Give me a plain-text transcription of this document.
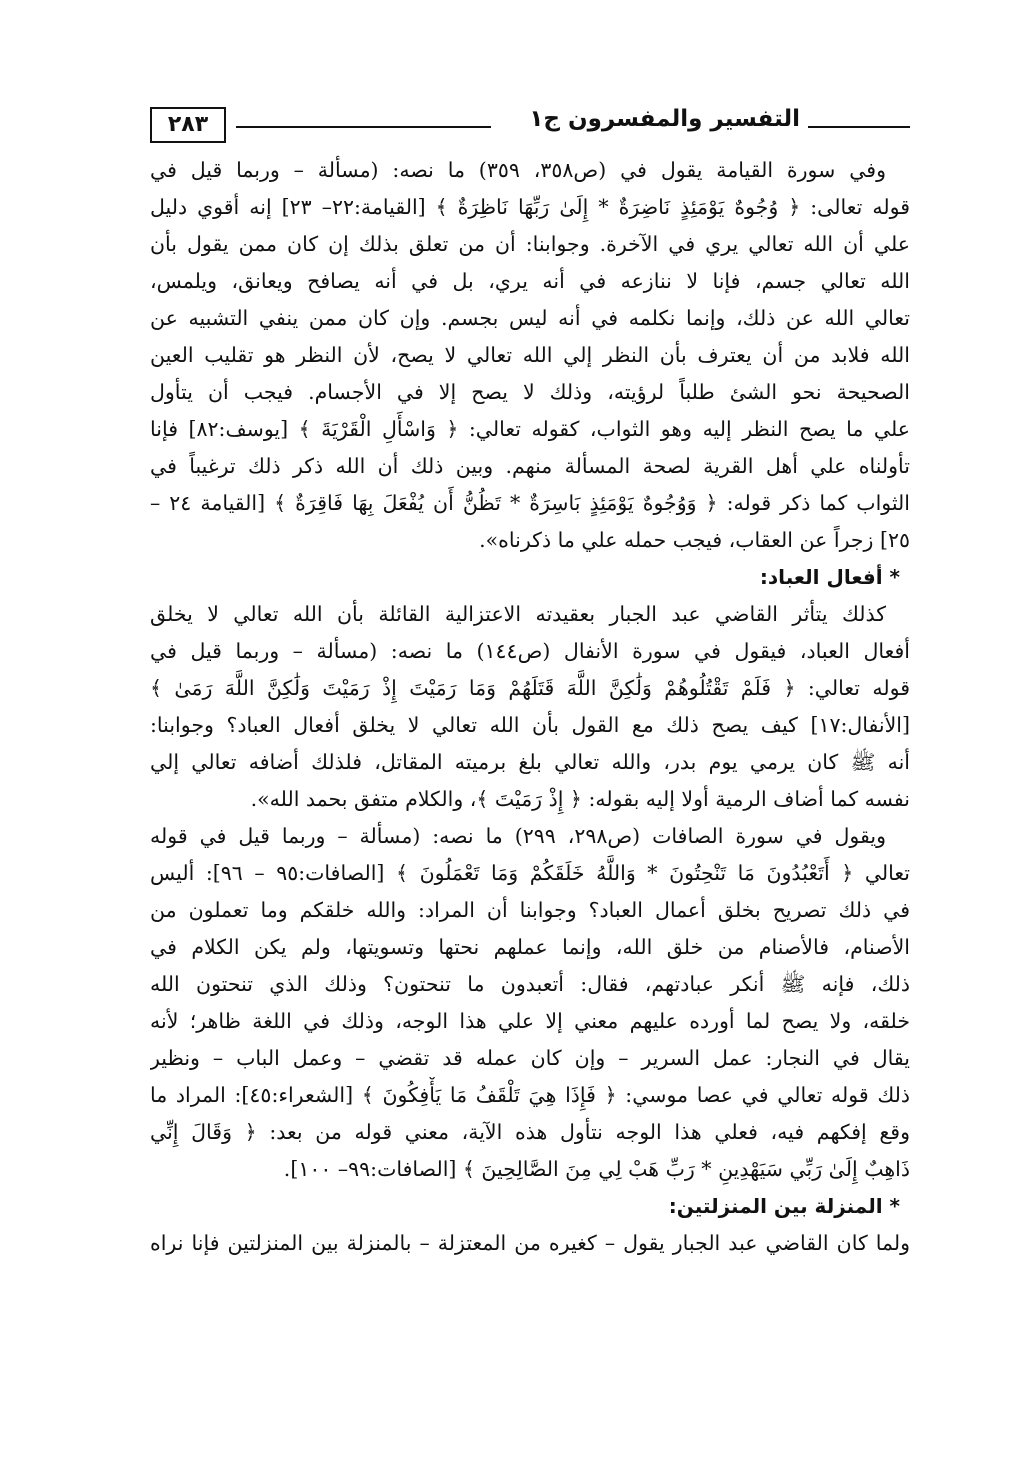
التفسير والمفسرون ج١
٢٨٣
وفي سورة القيامة يقول في (ص٣٥٨، ٣٥٩) ما نصه: (مسألة – وربما قيل في
قوله تعالى: ﴿ وُجُوهٌ يَوْمَئِذٍ نَاضِرَةٌ * إِلَىٰ رَبِّهَا نَاظِرَةٌ ﴾ [القيامة:٢٢– ٢٣] إنه أقوي دليل
علي أن الله تعالي يري في الآخرة. وجوابنا: أن من تعلق بذلك إن كان ممن يقول بأن
الله تعالي جسم، فإنا لا ننازعه في أنه يري، بل في أنه يصافح ويعانق، ويلمس،
تعالي الله عن ذلك، وإنما نكلمه في أنه ليس بجسم. وإن كان ممن ينفي التشبيه عن
الله فلابد من أن يعترف بأن النظر إلي الله تعالي لا يصح، لأن النظر هو تقليب العين
الصحيحة نحو الشئ طلباً لرؤيته، وذلك لا يصح إلا في الأجسام. فيجب أن يتأول
علي ما يصح النظر إليه وهو الثواب، كقوله تعالي: ﴿ وَاسْأَلِ الْقَرْيَةَ ﴾ [يوسف:٨٢] فإنا
تأولناه علي أهل القرية لصحة المسألة منهم. وبين ذلك أن الله ذكر ذلك ترغيباً في
الثواب كما ذكر قوله: ﴿ وَوُجُوهٌ يَوْمَئِذٍ بَاسِرَةٌ * تَظُنُّ أَن يُفْعَلَ بِهَا فَاقِرَةٌ ﴾ [القيامة ٢٤ –
٢٥] زجراً عن العقاب، فيجب حمله علي ما ذكرناه».
* أفعال العباد:
كذلك يتأثر القاضي عبد الجبار بعقيدته الاعتزالية القائلة بأن الله تعالي لا يخلق
أفعال العباد، فيقول في سورة الأنفال (ص١٤٤) ما نصه: (مسألة – وربما قيل في
قوله تعالي: ﴿ فَلَمْ تَقْتُلُوهُمْ وَلَٰكِنَّ اللَّهَ قَتَلَهُمْ وَمَا رَمَيْتَ إِذْ رَمَيْتَ وَلَٰكِنَّ اللَّهَ رَمَىٰ ﴾
[الأنفال:١٧] كيف يصح ذلك مع القول بأن الله تعالي لا يخلق أفعال العباد؟ وجوابنا:
أنه ﷺ كان يرمي يوم بدر، والله تعالي بلغ برميته المقاتل، فلذلك أضافه تعالي إلي
نفسه كما أضاف الرمية أولا إليه بقوله: ﴿ إِذْ رَمَيْتَ ﴾، والكلام متفق بحمد الله».
ويقول في سورة الصافات (ص٢٩٨، ٢٩٩) ما نصه: (مسألة – وربما قيل في قوله
تعالي ﴿ أَتَعْبُدُونَ مَا تَنْحِتُونَ * وَاللَّهُ خَلَقَكُمْ وَمَا تَعْمَلُونَ ﴾ [الصافات:٩٥ – ٩٦]: أليس
في ذلك تصريح بخلق أعمال العباد؟ وجوابنا أن المراد: والله خلقكم وما تعملون من
الأصنام، فالأصنام من خلق الله، وإنما عملهم نحتها وتسويتها، ولم يكن الكلام في
ذلك، فإنه ﷺ أنكر عبادتهم، فقال: أتعبدون ما تنحتون؟ وذلك الذي تنحتون الله
خلقه، ولا يصح لما أورده عليهم معني إلا علي هذا الوجه، وذلك في اللغة ظاهر؛ لأنه
يقال في النجار: عمل السرير – وإن كان عمله قد تقضي – وعمل الباب – ونظير
ذلك قوله تعالي في عصا موسي: ﴿ فَإِذَا هِيَ تَلْقَفُ مَا يَأْفِكُونَ ﴾ [الشعراء:٤٥]: المراد ما
وقع إفكهم فيه، فعلي هذا الوجه نتأول هذه الآية، معني قوله من بعد: ﴿ وَقَالَ إِنِّي
ذَاهِبٌ إِلَىٰ رَبِّي سَيَهْدِينِ * رَبِّ هَبْ لِي مِنَ الصَّالِحِينَ ﴾ [الصافات:٩٩– ١٠٠].
* المنزلة بين المنزلتين:
ولما كان القاضي عبد الجبار يقول – كغيره من المعتزلة – بالمنزلة بين المنزلتين فإنا نراه
